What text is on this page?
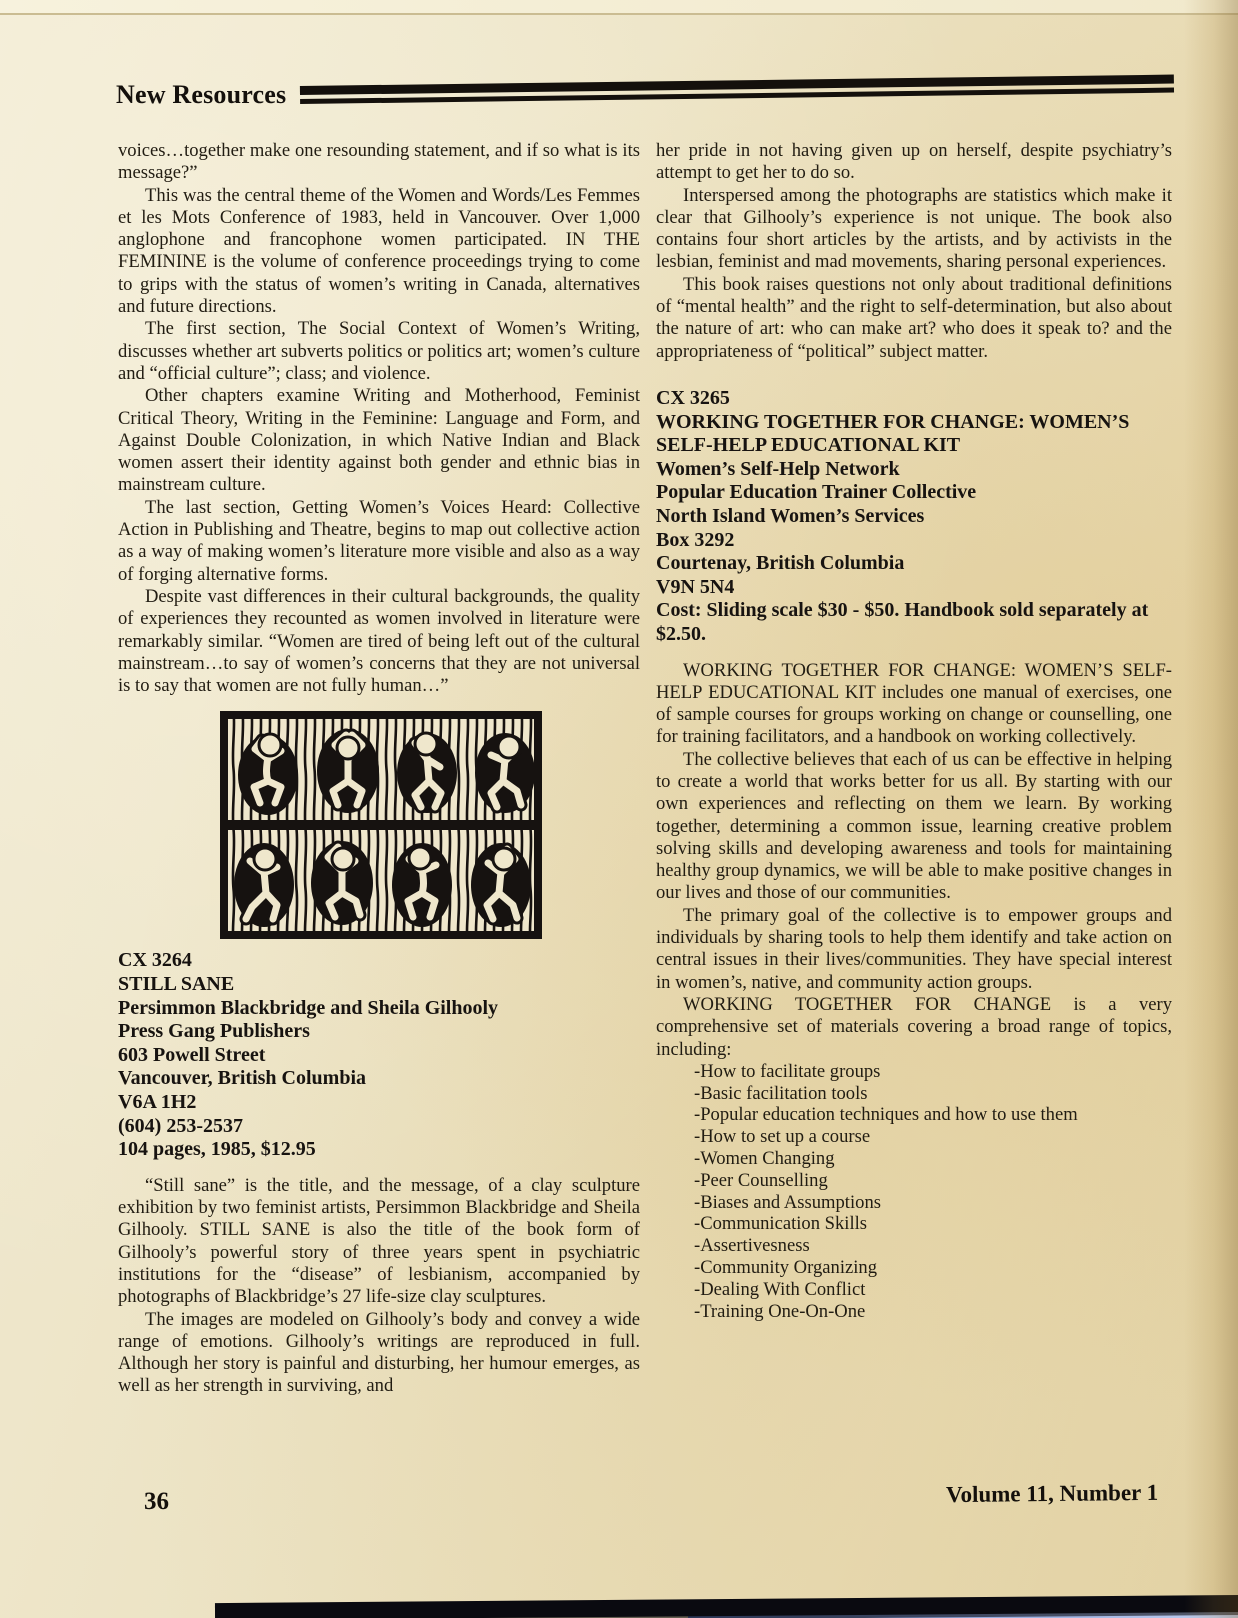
New Resources

voices…together make one resounding statement, and if so what is its message?”

This was the central theme of the Women and Words/Les Femmes et les Mots Conference of 1983, held in Vancouver. Over 1,000 anglophone and francophone women participated. IN THE FEMININE is the volume of conference proceedings trying to come to grips with the status of women’s writing in Canada, alternatives and future directions.

The first section, The Social Context of Women’s Writing, discusses whether art subverts politics or politics art; women’s culture and “official culture”; class; and violence.

Other chapters examine Writing and Motherhood, Feminist Critical Theory, Writing in the Feminine: Language and Form, and Against Double Colonization, in which Native Indian and Black women assert their identity against both gender and ethnic bias in mainstream culture.

The last section, Getting Women’s Voices Heard: Collective Action in Publishing and Theatre, begins to map out collective action as a way of making women’s literature more visible and also as a way of forging alternative forms.

Despite vast differences in their cultural backgrounds, the quality of experiences they recounted as women involved in literature were remarkably similar. “Women are tired of being left out of the cultural mainstream…to say of women’s concerns that they are not universal is to say that women are not fully human…”

CX 3264
STILL SANE
Persimmon Blackbridge and Sheila Gilhooly
Press Gang Publishers
603 Powell Street
Vancouver, British Columbia
V6A 1H2
(604) 253-2537
104 pages, 1985, $12.95

“Still sane” is the title, and the message, of a clay sculpture exhibition by two feminist artists, Persimmon Blackbridge and Sheila Gilhooly. STILL SANE is also the title of the book form of Gilhooly’s powerful story of three years spent in psychiatric institutions for the “disease” of lesbianism, accompanied by photographs of Blackbridge’s 27 life-size clay sculptures.

The images are modeled on Gilhooly’s body and convey a wide range of emotions. Gilhooly’s writings are reproduced in full. Although her story is painful and disturbing, her humour emerges, as well as her strength in surviving, and

her pride in not having given up on herself, despite psychiatry’s attempt to get her to do so.

Interspersed among the photographs are statistics which make it clear that Gilhooly’s experience is not unique. The book also contains four short articles by the artists, and by activists in the lesbian, feminist and mad movements, sharing personal experiences.

This book raises questions not only about traditional definitions of “mental health” and the right to self-determination, but also about the nature of art: who can make art? who does it speak to? and the appropriateness of “political” subject matter.

CX 3265
WORKING TOGETHER FOR CHANGE: WOMEN’S SELF-HELP EDUCATIONAL KIT
Women’s Self-Help Network
Popular Education Trainer Collective
North Island Women’s Services
Box 3292
Courtenay, British Columbia
V9N 5N4
Cost: Sliding scale $30 - $50. Handbook sold separately at $2.50.

WORKING TOGETHER FOR CHANGE: WOMEN’S SELF-HELP EDUCATIONAL KIT includes one manual of exercises, one of sample courses for groups working on change or counselling, one for training facilitators, and a handbook on working collectively.

The collective believes that each of us can be effective in helping to create a world that works better for us all. By starting with our own experiences and reflecting on them we learn. By working together, determining a common issue, learning creative problem solving skills and developing awareness and tools for maintaining healthy group dynamics, we will be able to make positive changes in our lives and those of our communities.

The primary goal of the collective is to empower groups and individuals by sharing tools to help them identify and take action on central issues in their lives/communities. They have special interest in women’s, native, and community action groups.

WORKING TOGETHER FOR CHANGE is a very comprehensive set of materials covering a broad range of topics, including:

-How to facilitate groups
-Basic facilitation tools
-Popular education techniques and how to use them
-How to set up a course
-Women Changing
-Peer Counselling
-Biases and Assumptions
-Communication Skills
-Assertivesness
-Community Organizing
-Dealing With Conflict
-Training One-On-One
36	Volume 11, Number 1
